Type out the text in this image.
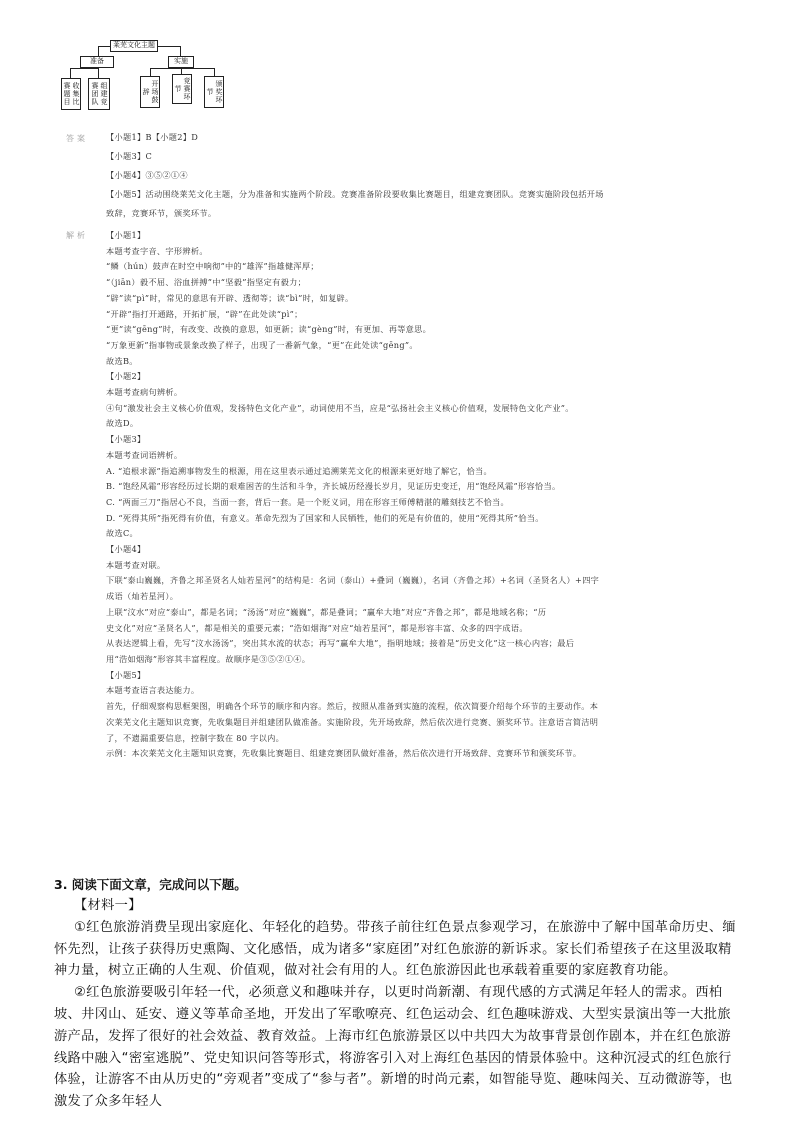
莱芜文化主题
准备	实施
收集比赛题目	组建竞赛团队	开场鼓辞	竞赛环节	颁奖环节
答案 【小题1】B【小题2】D

【小题3】C

【小题4】③⑤②①④

【小题5】活动围绕莱芜文化主题，分为准备和实施两个阶段。竞赛准备阶段要收集比赛题目，组建竞赛团队。竞赛实施阶段包括开场

致辞，竞赛环节，颁奖环节。

解析 【小题1】

本题考查字音、字形辨析。

“鳞（hún）鼓声在时空中响彻”中的“雄浑”指雄健浑厚；

“（jiān）毅不屈、浴血拼搏”中“坚毅”指坚定有毅力；

“辟”读“pì”时，常见的意思有开辟、透彻等；读“bì”时，如复辟。

“开辟”指打开通路，开拓扩展，“辟”在此处读“pì”；

“更”读“gēng”时，有改变、改换的意思，如更新；读“gèng”时，有更加、再等意思。

“万象更新”指事物或景象改换了样子，出现了一番新气象，“更”在此处读“gēng”。

故选B。

【小题2】

本题考查病句辨析。

④句“激发社会主义核心价值观，发扬特色文化产业”，动词使用不当，应是“弘扬社会主义核心价值观，发展特色文化产业”。

故选D。

【小题3】

本题考查词语辨析。

A. “追根求源”指追溯事物发生的根源，用在这里表示通过追溯莱芜文化的根源来更好地了解它，恰当。

B. “饱经风霜”形容经历过长期的艰难困苦的生活和斗争，齐长城历经漫长岁月，见证历史变迁，用“饱经风霜”形容恰当。

C. “两面三刀”指居心不良，当面一套，背后一套。是一个贬义词，用在形容王师傅精湛的雕刻技艺不恰当。

D. “死得其所”指死得有价值，有意义。革命先烈为了国家和人民牺牲，他们的死是有价值的，使用“死得其所”恰当。

故选C。

【小题4】

本题考查对联。

下联“泰山巍巍，齐鲁之邦圣贤名人灿若星河”的结构是：名词（泰山）+叠词（巍巍），名词（齐鲁之邦）+名词（圣贤名人）+四字

成语（灿若星河）。

上联“汶水”对应“泰山”，都是名词；“汤汤”对应“巍巍”，都是叠词；“赢牟大地”对应“齐鲁之邦”，都是地域名称；“历

史文化”对应“圣贤名人”，都是相关的重要元素；“浩如烟海”对应“灿若星河”，都是形容丰富、众多的四字成语。

从表达逻辑上看，先写“汶水汤汤”，突出其水流的状态；再写“赢牟大地”，指明地域；接着是“历史文化”这一核心内容；最后

用“浩如烟海”形容其丰富程度。故顺序是③⑤②①④。

【小题5】

本题考查语言表达能力。

首先，仔细观察构思框架图，明确各个环节的顺序和内容。然后，按照从准备到实施的流程，依次简要介绍每个环节的主要动作。本

次莱芜文化主题知识竞赛，先收集题目并组建团队做准备。实施阶段，先开场致辞，然后依次进行竞赛、颁奖环节。注意语言简洁明

了，不遗漏重要信息，控制字数在 80 字以内。

示例：本次莱芜文化主题知识竞赛，先收集比赛题目、组建竞赛团队做好准备，然后依次进行开场致辞、竞赛环节和颁奖环节。

3. 阅读下面文章，完成问以下题。

【材料一】

①红色旅游消费呈现出家庭化、年轻化的趋势。带孩子前往红色景点参观学习，在旅游中了解中国革命历史、缅怀先烈，让孩子获得历史熏陶、文化感悟，成为诸多“家庭团”对红色旅游的新诉求。家长们希望孩子在这里汲取精神力量，树立正确的人生观、价值观，做对社会有用的人。红色旅游因此也承载着重要的家庭教育功能。

②红色旅游要吸引年轻一代，必须意义和趣味并存，以更时尚新潮、有现代感的方式满足年轻人的需求。西柏坡、井冈山、延安、遵义等革命圣地，开发出了军歌嘹亮、红色运动会、红色趣味游戏、大型实景演出等一大批旅游产品，发挥了很好的社会效益、教育效益。上海市红色旅游景区以中共四大为故事背景创作剧本，并在红色旅游线路中融入“密室逃脱”、党史知识问答等形式，将游客引入对上海红色基因的情景体验中。这种沉浸式的红色旅行体验，让游客不由从历史的“旁观者”变成了“参与者”。新增的时尚元素，如智能导览、趣味闯关、互动微游等，也激发了众多年轻人
